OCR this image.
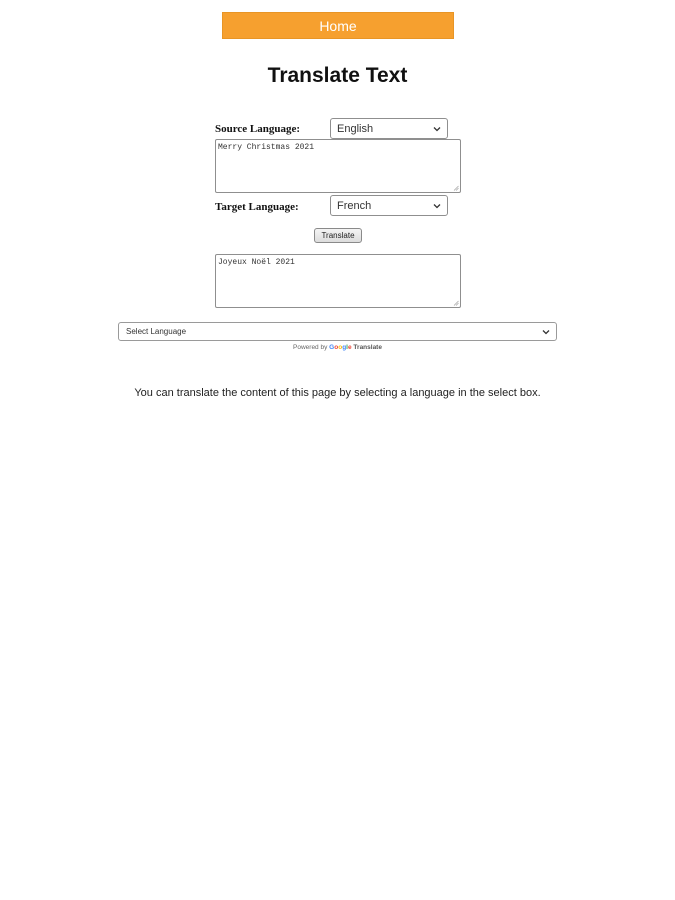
Home
Translate Text
Source Language:	English
Merry Christmas 2021
Target Language:	French
Translate
Joyeux Noël 2021
Select Language
Powered by Google Translate

You can translate the content of this page by selecting a language in the select box.
